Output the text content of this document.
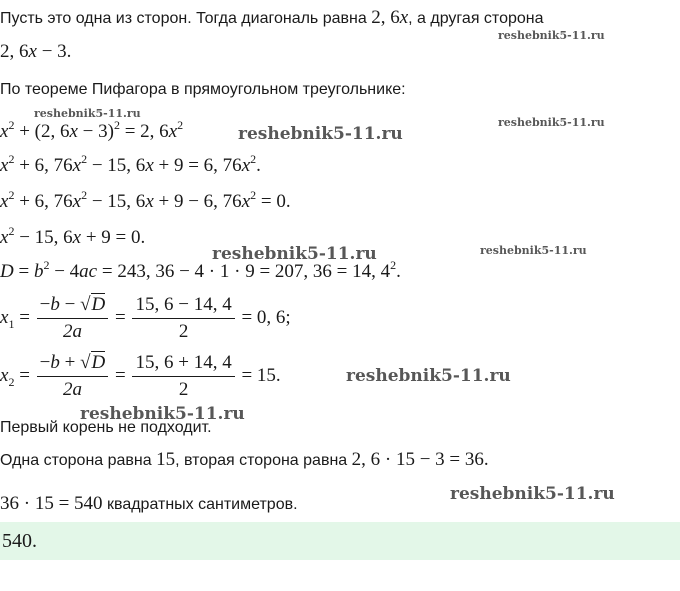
Пусть это одна из сторон. Тогда диагональ равна 2, 6x, а другая сторона
reshebnik5-11.ru
2, 6x − 3.
По теореме Пифагора в прямоугольном треугольнике:
reshebnik5-11.ru
reshebnik5-11.ru
$x^2 + (2$, 6x − 3)$^2$ = 2, $6x^2$	reshebnik5-11.ru
$x^2 + 6$, $76x^2 - 15$, 6x + 9 = 6, $76x^2$.
$x^2 + 6$, $76x^2 - 15$, 6x + 9 − 6, $76x^2 = 0$.
$x^2 - 15$, 6x + 9 = 0.
reshebnik5-11.ru	reshebnik5-11.ru
$D = b^2 - 4ac = 243$, 36 − 4 · 1 · 9 = 207, 36 = 14, $4^2$.
$x_1 = \frac{-b - √D}{2a} = \frac{15, 6 - 14, 4}{2} = 0$, 6;
$x_2 = \frac{-b + √D}{2a} = \frac{15, 6 + 14, 4}{2} = 15$.	reshebnik5-11.ru
reshebnik5-11.ru
Первый корень не подходит.
Одна сторона равна 15, вторая сторона равна 2, 6 · 15 − 3 = 36.
reshebnik5-11.ru
36 · 15 = 540 квадратных сантиметров.
540.
